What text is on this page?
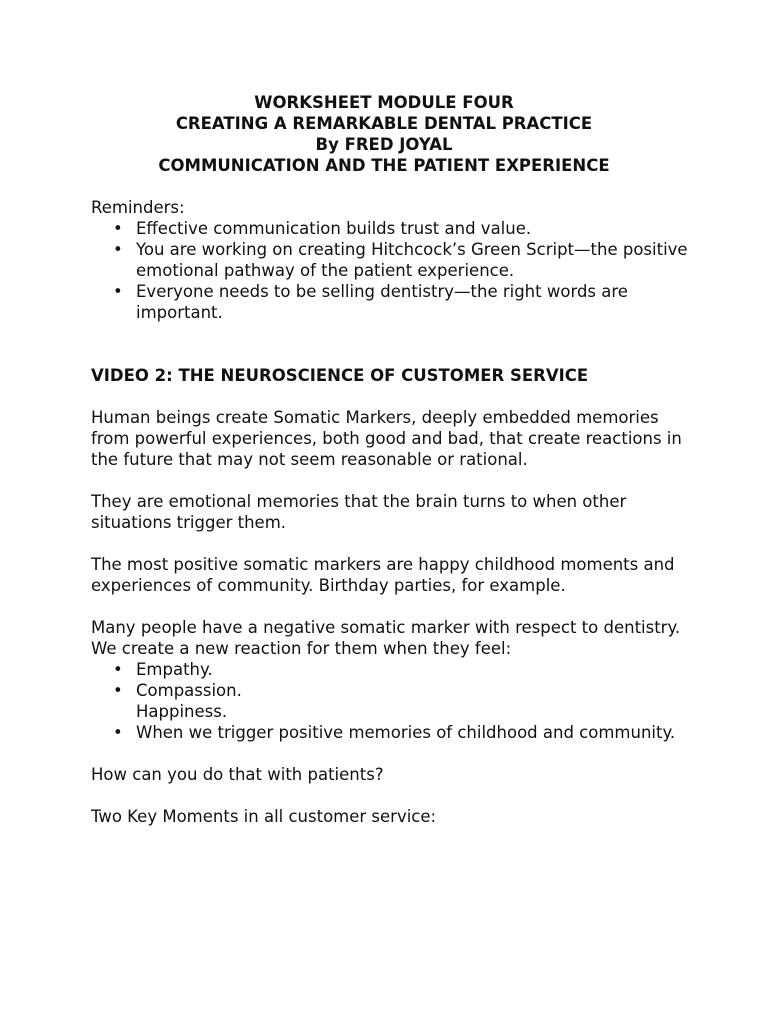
WORKSHEET MODULE FOUR
CREATING A REMARKABLE DENTAL PRACTICE
By FRED JOYAL
COMMUNICATION AND THE PATIENT EXPERIENCE

Reminders:

• Effective communication builds trust and value.
• You are working on creating Hitchcock’s Green Script—the positive emotional pathway of the patient experience.
• Everyone needs to be selling dentistry—the right words are important.
VIDEO 2: THE NEUROSCIENCE OF CUSTOMER SERVICE

Human beings create Somatic Markers, deeply embedded memories from powerful experiences, both good and bad, that create reactions in the future that may not seem reasonable or rational.

They are emotional memories that the brain turns to when other situations trigger them.

The most positive somatic markers are happy childhood moments and experiences of community. Birthday parties, for example.

Many people have a negative somatic marker with respect to dentistry.

We create a new reaction for them when they feel:

• Empathy.
• Compassion.
Happiness.
• When we trigger positive memories of childhood and community.

How can you do that with patients?

Two Key Moments in all customer service:
